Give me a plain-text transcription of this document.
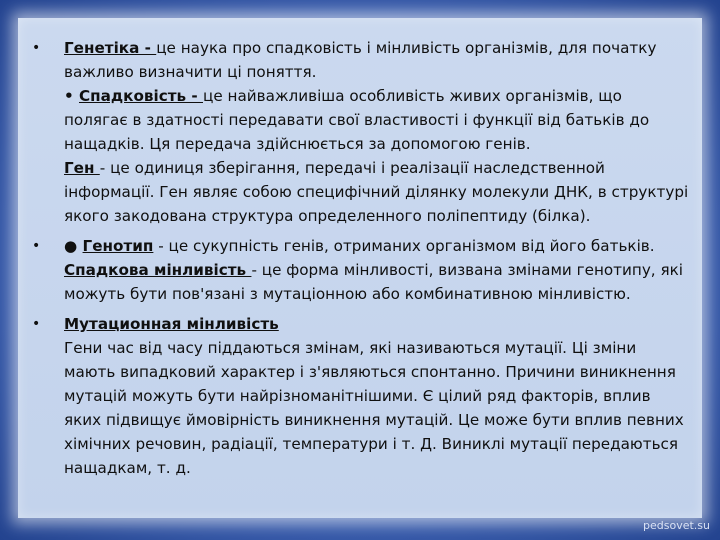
•	Генетіка - це наука про спадковість і мінливість організмів, для початку важливо визначити ці поняття.
• Спадковість - це найважливіша особливість живих організмів, що полягає в здатності передавати свої властивості і функції від батьків до нащадків. Ця передача здійснюється за допомогою генів.
Ген - це одиниця зберігання, передачі і реалізації наследственной інформації. Ген являє собою специфічний ділянку молекули ДНК, в структурі якого закодована структура определенного поліпептиду (білка).
•	● Генотип - це сукупність генів, отриманих організмом від його батьків.
Спадкова мінливість - це форма мінливості, визвана змінами генотипу, які можуть бути пов'язані з мутаціонною або комбинативною мінливістю.
•	Мутационная мінливість
Гени час від часу піддаються змінам, які називаються мутації. Ці зміни мають випадковий характер і з'являються спонтанно. Причини виникнення мутацій можуть бути найрізноманітнішими. Є цілий ряд факторів, вплив яких підвищує ймовірність виникнення мутацій. Це може бути вплив певних хімічних речовин, радіації, температури і т. Д. Виниклі мутації передаються нащадкам, т. д.
pedsovet.su
